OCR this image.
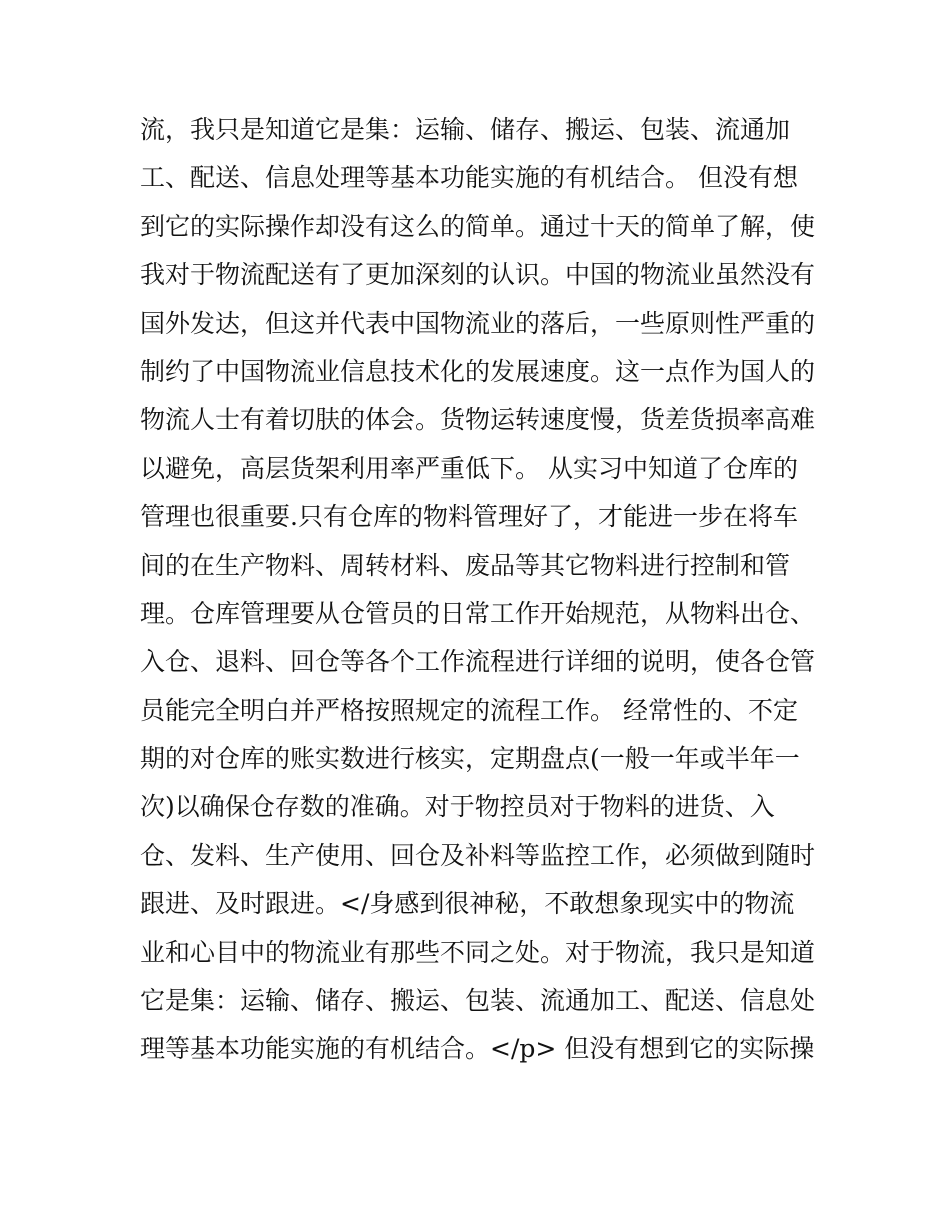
流，我只是知道它是集：运输、储存、搬运、包装、流通加
工、配送、信息处理等基本功能实施的有机结合。 但没有想
到它的实际操作却没有这么的简单。通过十天的简单了解，使
我对于物流配送有了更加深刻的认识。中国的物流业虽然没有
国外发达，但这并代表中国物流业的落后，一些原则性严重的
制约了中国物流业信息技术化的发展速度。这一点作为国人的
物流人士有着切肤的体会。货物运转速度慢，货差货损率高难
以避免，高层货架利用率严重低下。 从实习中知道了仓库的
管理也很重要.只有仓库的物料管理好了，才能进一步在将车
间的在生产物料、周转材料、废品等其它物料进行控制和管
理。仓库管理要从仓管员的日常工作开始规范，从物料出仓、
入仓、退料、回仓等各个工作流程进行详细的说明，使各仓管
员能完全明白并严格按照规定的流程工作。 经常性的、不定
期的对仓库的账实数进行核实，定期盘点(一般一年或半年一
次)以确保仓存数的准确。对于物控员对于物料的进货、入
仓、发料、生产使用、回仓及补料等监控工作，必须做到随时
跟进、及时跟进。</身感到很神秘，不敢想象现实中的物流
业和心目中的物流业有那些不同之处。对于物流，我只是知道
它是集：运输、储存、搬运、包装、流通加工、配送、信息处
理等基本功能实施的有机结合。</p> 但没有想到它的实际操
